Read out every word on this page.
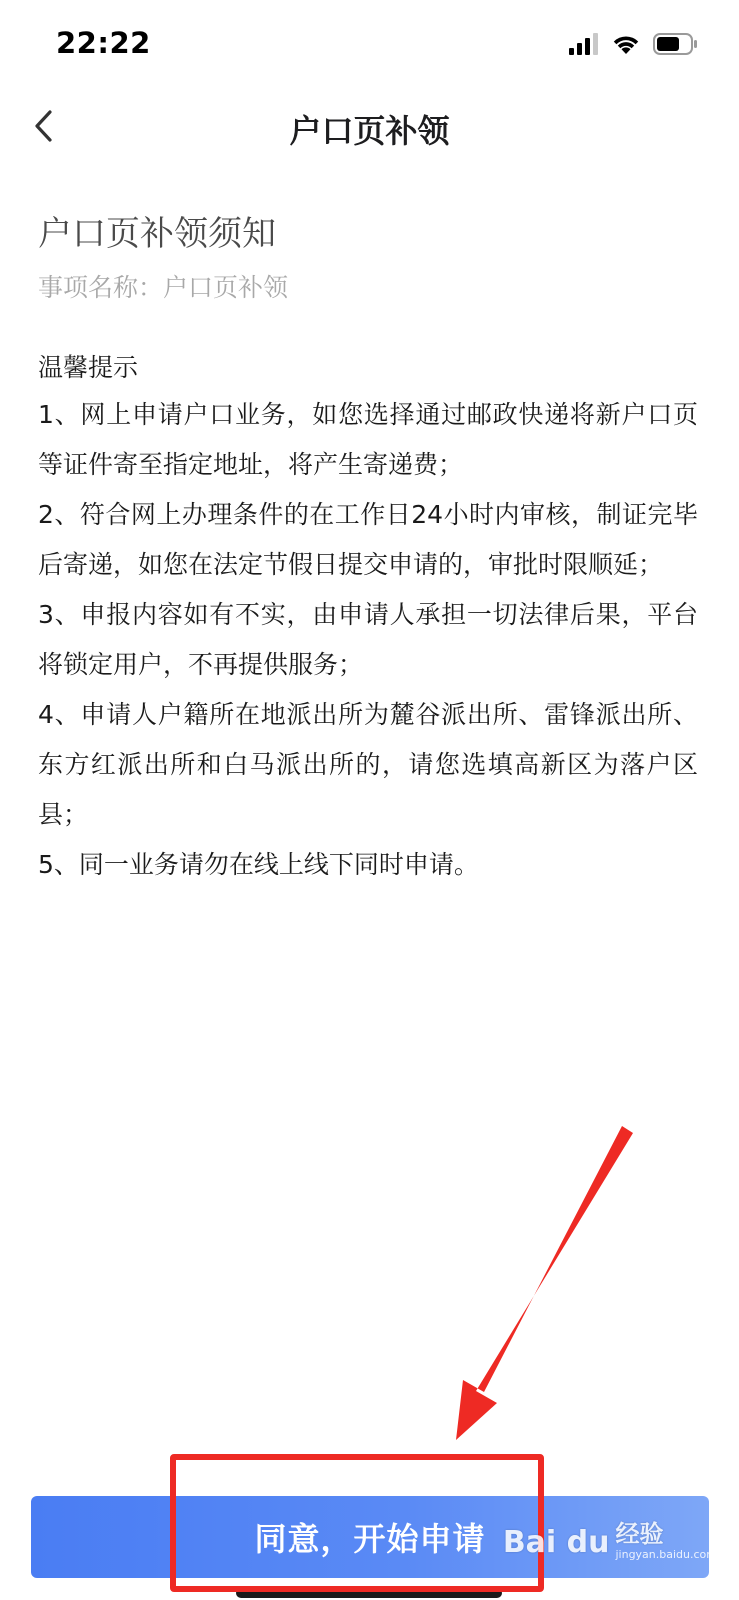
22:22
户口页补领
户口页补领须知
事项名称：户口页补领
温馨提示
1、网上申请户口业务，如您选择通过邮政快递将新户口页等证件寄至指定地址，将产生寄递费；
2、符合网上办理条件的在工作日24小时内审核，制证完毕后寄递，如您在法定节假日提交申请的，审批时限顺延；
3、申报内容如有不实，由申请人承担一切法律后果，平台将锁定用户，不再提供服务；
4、申请人户籍所在地派出所为麓谷派出所、雷锋派出所、东方红派出所和白马派出所的，请您选填高新区为落户区县；
5、同一业务请勿在线上线下同时申请。
同意，开始申请 Bai du 经验
jingyan.baidu.com
